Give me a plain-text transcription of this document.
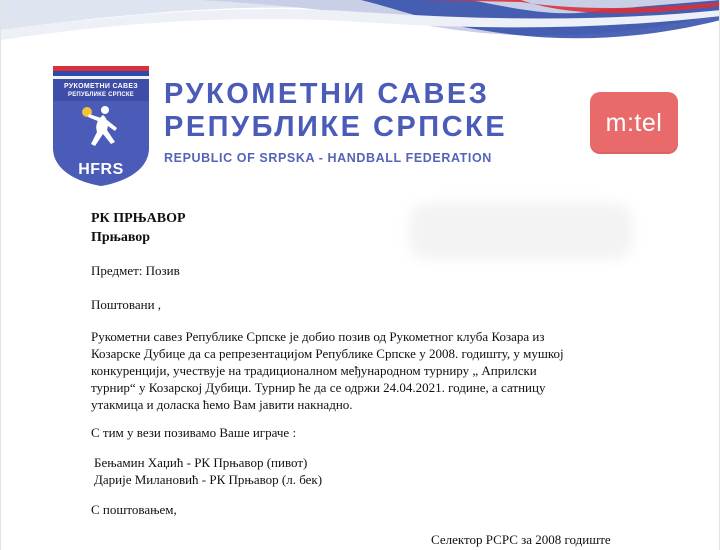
РУКОМЕТНИ САВЕЗ
РЕПУБЛИКЕ СРПСКЕ
HFRS
РУКОМЕТНИ САВЕЗ
РЕПУБЛИКЕ СРПСКЕ
REPUBLIC OF SRPSKA - HANDBALL FEDERATION
m:tel
РК ПРЊАВОР
Прњавор
Предмет: Позив
Поштовани ,
Рукометни савез Републике Српске је добио позив од Рукометног клуба Козара из
Козарске Дубице да са репрезентацијом Републике Српске у 2008. годишту, у мушкој
конкуренцији, учествује на традиционалном међународном турниру „ Априлски
турнир“ у Козарској Дубици. Турнир ће да се одржи 24.04.2021. године, а сатницу
утакмица и доласка ћемо Вам јавити накнадно.
С тим у вези позивамо Ваше играче :
Бењамин Хаџић - РК Прњавор (пивот)
Дарије Милановић - РК Прњавор (л. бек)
С поштовањем,
Селектор РСРС за 2008 годиште
